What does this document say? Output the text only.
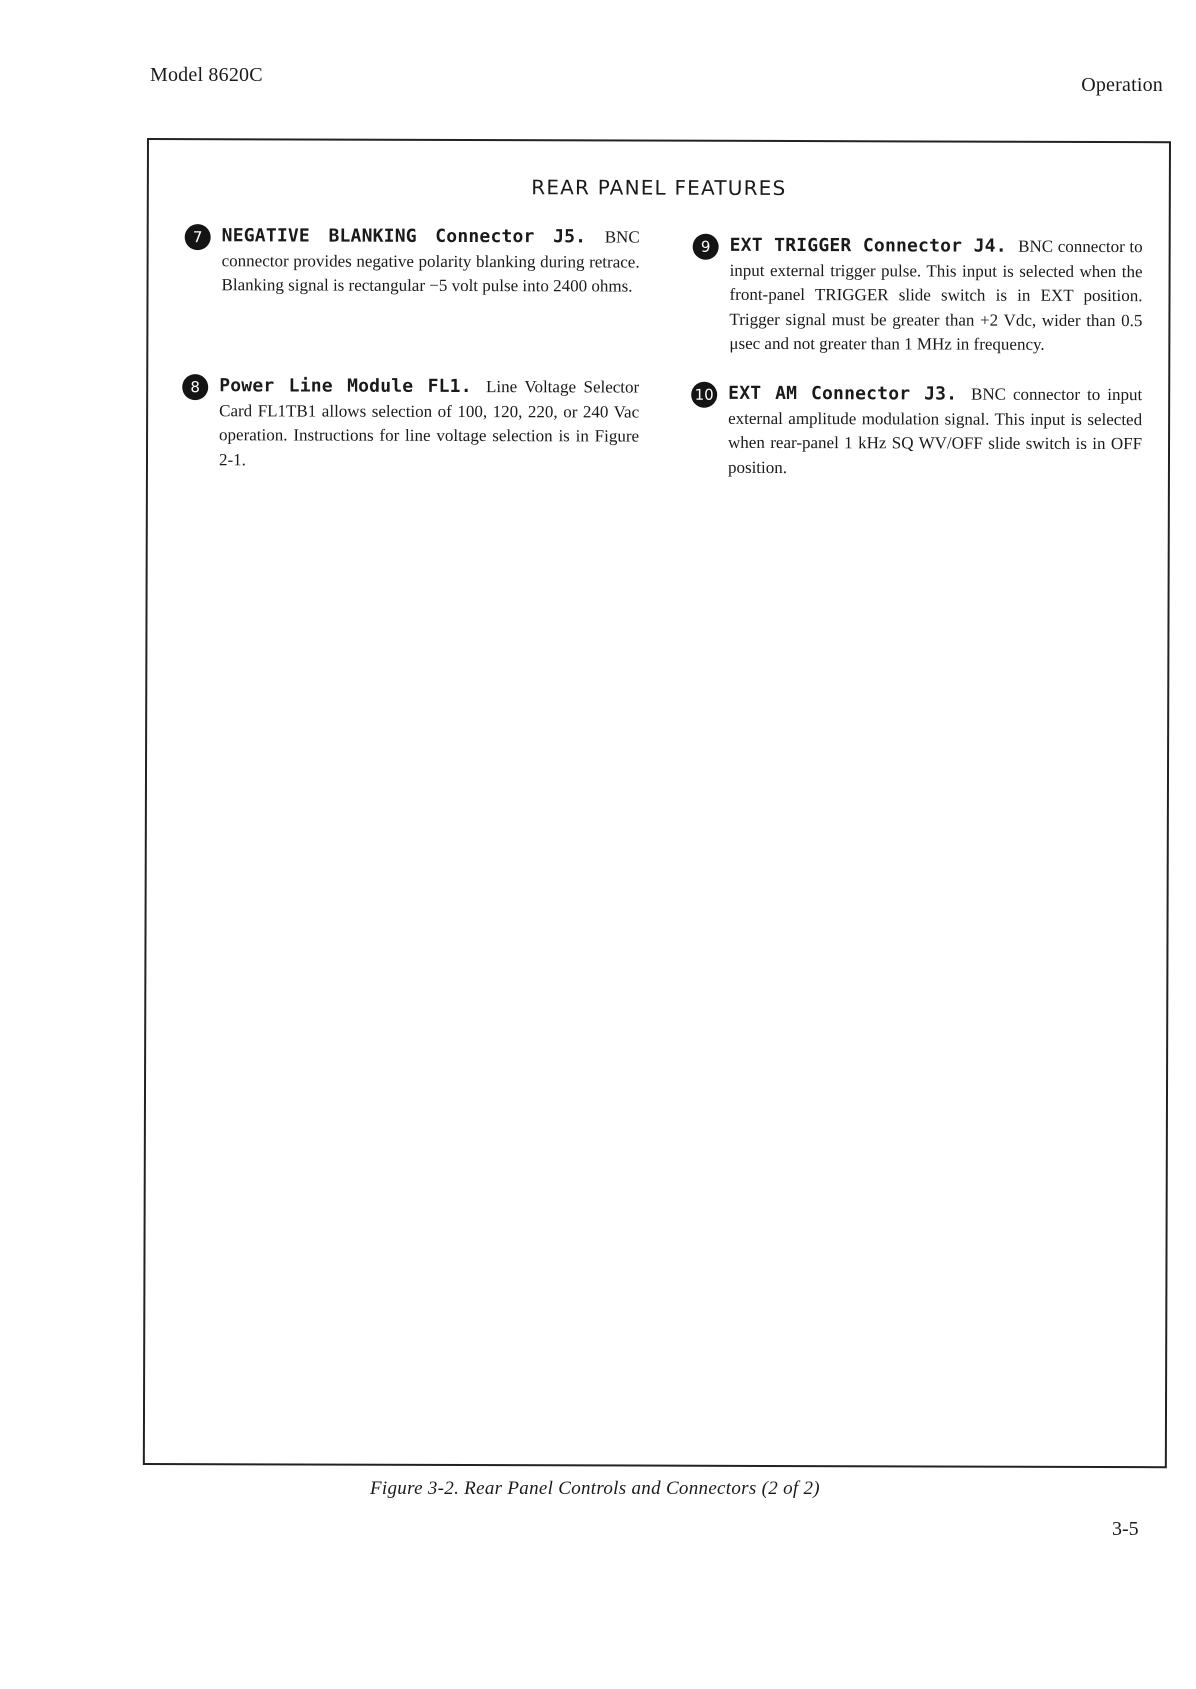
Model 8620C	Operation
REAR PANEL FEATURES
7	NEGATIVE BLANKING Connector J5. BNC connector provides negative polarity blanking during retrace. Blanking signal is rectangular −5 volt pulse into 2400 ohms.
8	Power Line Module FL1. Line Voltage Selector Card FL1TB1 allows selection of 100, 120, 220, or 240 Vac operation. Instructions for line voltage selection is in Figure 2-1.
9	EXT TRIGGER Connector J4. BNC connector to input external trigger pulse. This input is selected when the front-panel TRIGGER slide switch is in EXT position. Trigger signal must be greater than +2 Vdc, wider than 0.5 μsec and not greater than 1 MHz in frequency.
10 EXT AM Connector J3. BNC connector to input external amplitude modulation signal. This input is selected when rear-panel 1 kHz SQ WV/OFF slide switch is in OFF position.
Figure 3-2. Rear Panel Controls and Connectors (2 of 2)
3-5
